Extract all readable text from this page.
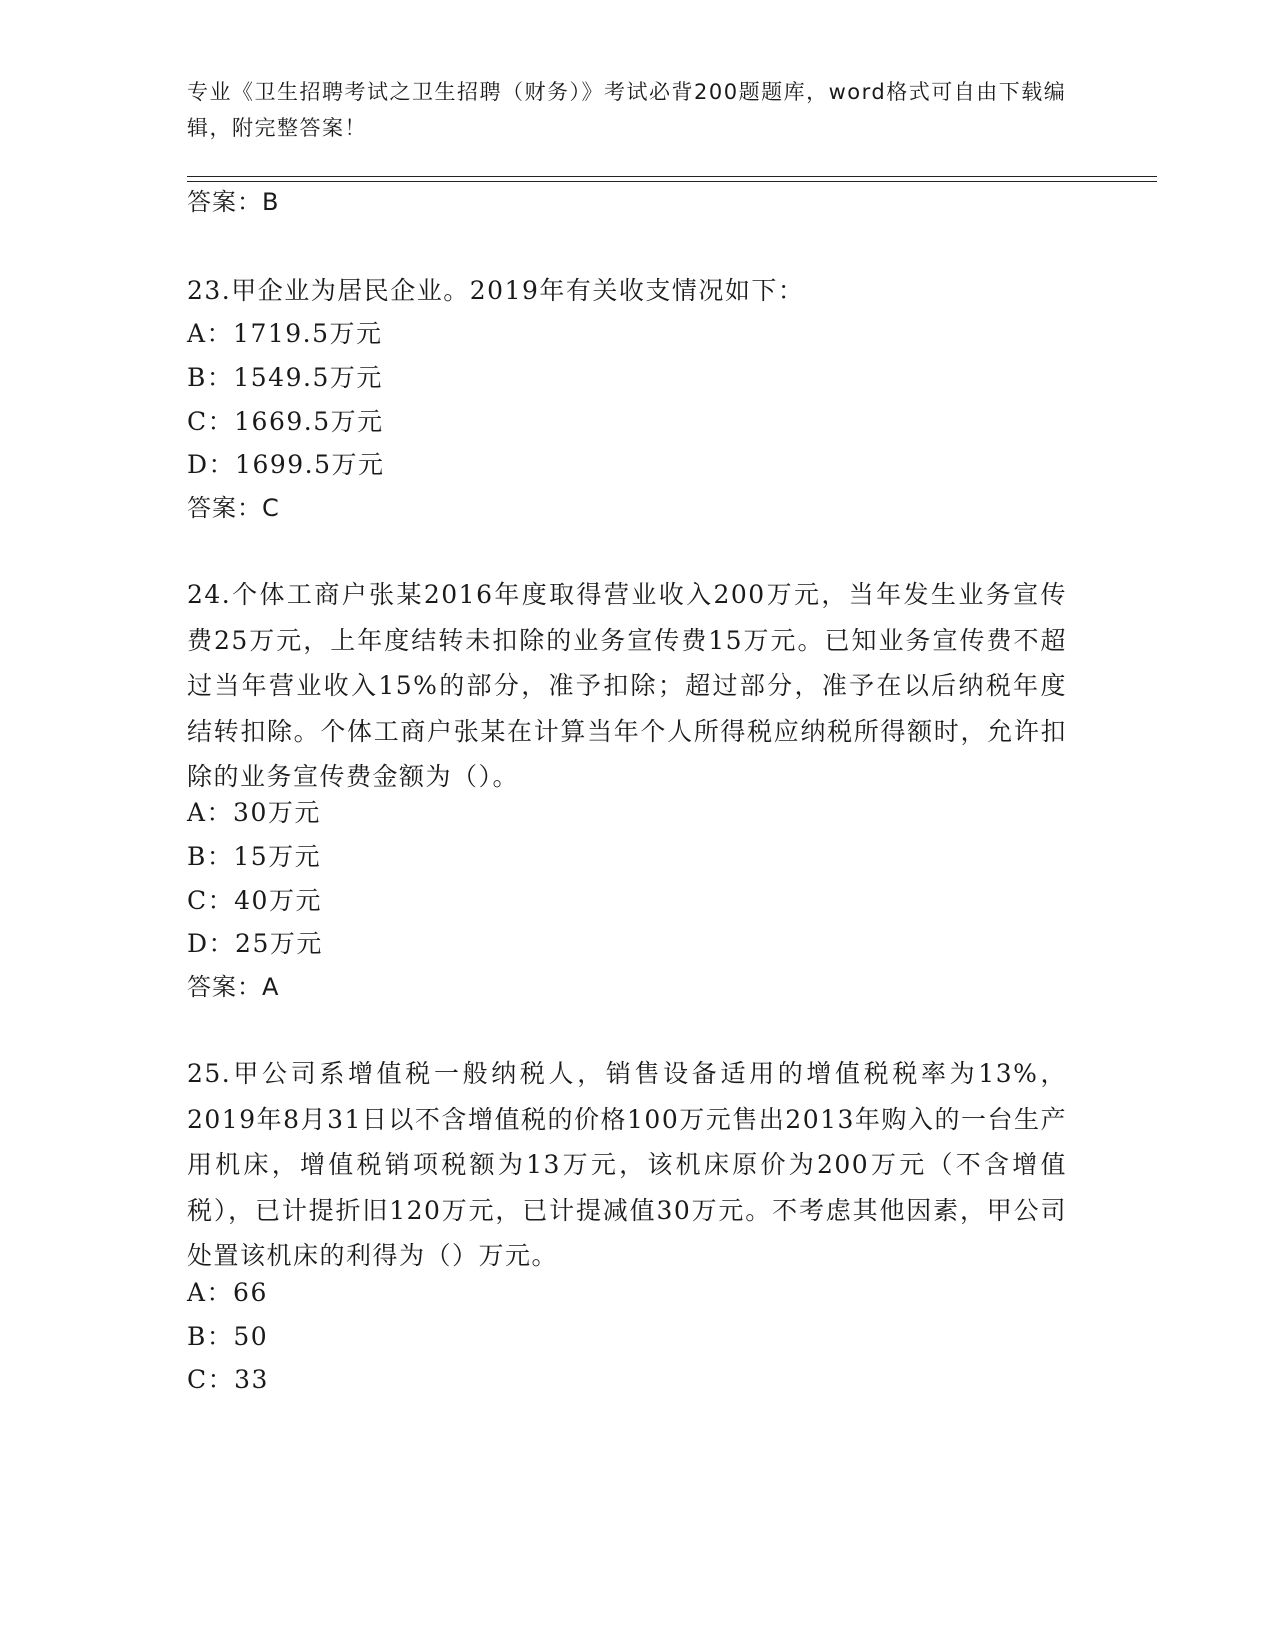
专业《卫生招聘考试之卫生招聘（财务）》考试必背200题题库，word格式可自由下载编辑，附完整答案！
答案：B
23.甲企业为居民企业。2019年有关收支情况如下：
A：1719.5万元
B：1549.5万元
C：1669.5万元
D：1699.5万元
答案：C
24.个体工商户张某2016年度取得营业收入200万元，当年发生业务宣传费25万元，上年度结转未扣除的业务宣传费15万元。已知业务宣传费不超过当年营业收入15%的部分，准予扣除；超过部分，准予在以后纳税年度结转扣除。个体工商户张某在计算当年个人所得税应纳税所得额时，允许扣除的业务宣传费金额为（）。
A：30万元
B：15万元
C：40万元
D：25万元
答案：A
25.甲公司系增值税一般纳税人，销售设备适用的增值税税率为13%，2019年8月31日以不含增值税的价格100万元售出2013年购入的一台生产用机床，增值税销项税额为13万元，该机床原价为200万元（不含增值税），已计提折旧120万元，已计提减值30万元。不考虑其他因素，甲公司处置该机床的利得为（）万元。
A：66
B：50
C：33
